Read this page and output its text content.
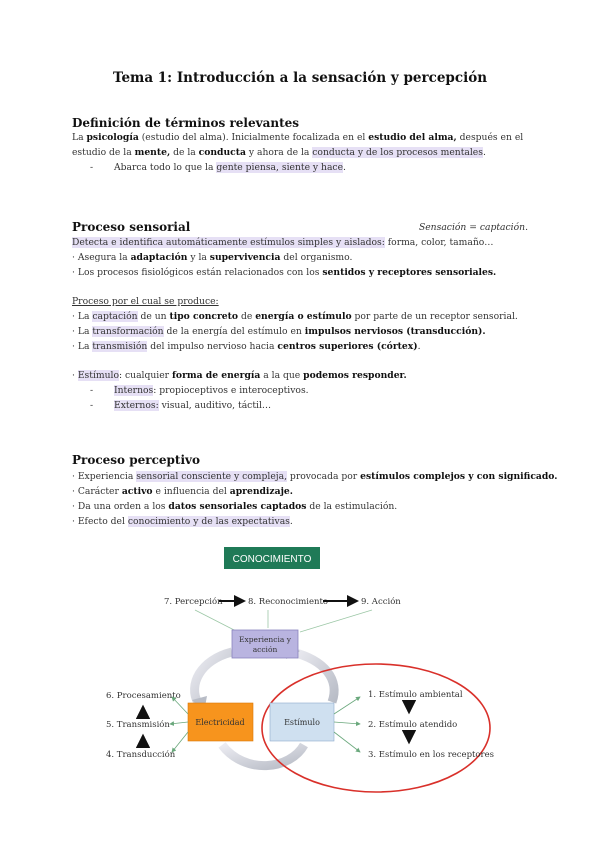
Tema 1: Introducción a la sensación y percepción
Definición de términos relevantes
La psicología (estudio del alma). Inicialmente focalizada en el estudio del alma, después en el
estudio de la mente, de la conducta y ahora de la conducta y de los procesos mentales.
- Abarca todo lo que la gente piensa, siente y hace.
Proceso sensorial	Sensación = captación.
Detecta e identifica automáticamente estímulos simples y aislados: forma, color, tamaño…
· Asegura la adaptación y la supervivencia del organismo.
· Los procesos fisiológicos están relacionados con los sentidos y receptores sensoriales.
Proceso por el cual se produce:
· La captación de un tipo concreto de energía o estímulo por parte de un receptor sensorial.
· La transformación de la energía del estímulo en impulsos nerviosos (transducción).
· La transmisión del impulso nervioso hacia centros superiores (córtex).
· Estímulo: cualquier forma de energía a la que podemos responder.
- Internos: propioceptivos e interoceptivos.
- Externos: visual, auditivo, táctil…
Proceso perceptivo
· Experiencia sensorial consciente y compleja, provocada por estímulos complejos y con significado.
· Carácter activo e influencia del aprendizaje.
· Da una orden a los datos sensoriales captados de la estimulación.
· Efecto del conocimiento y de las expectativas.
CONOCIMIENTO
7. Percepción	8. Reconocimiento	9. Acción
Experiencia y
acción
Electricidad	Estímulo
6. Procesamiento
5. Transmisión
4. Transducción
1. Estímulo ambiental
2. Estímulo atendido
3. Estímulo en los receptores
